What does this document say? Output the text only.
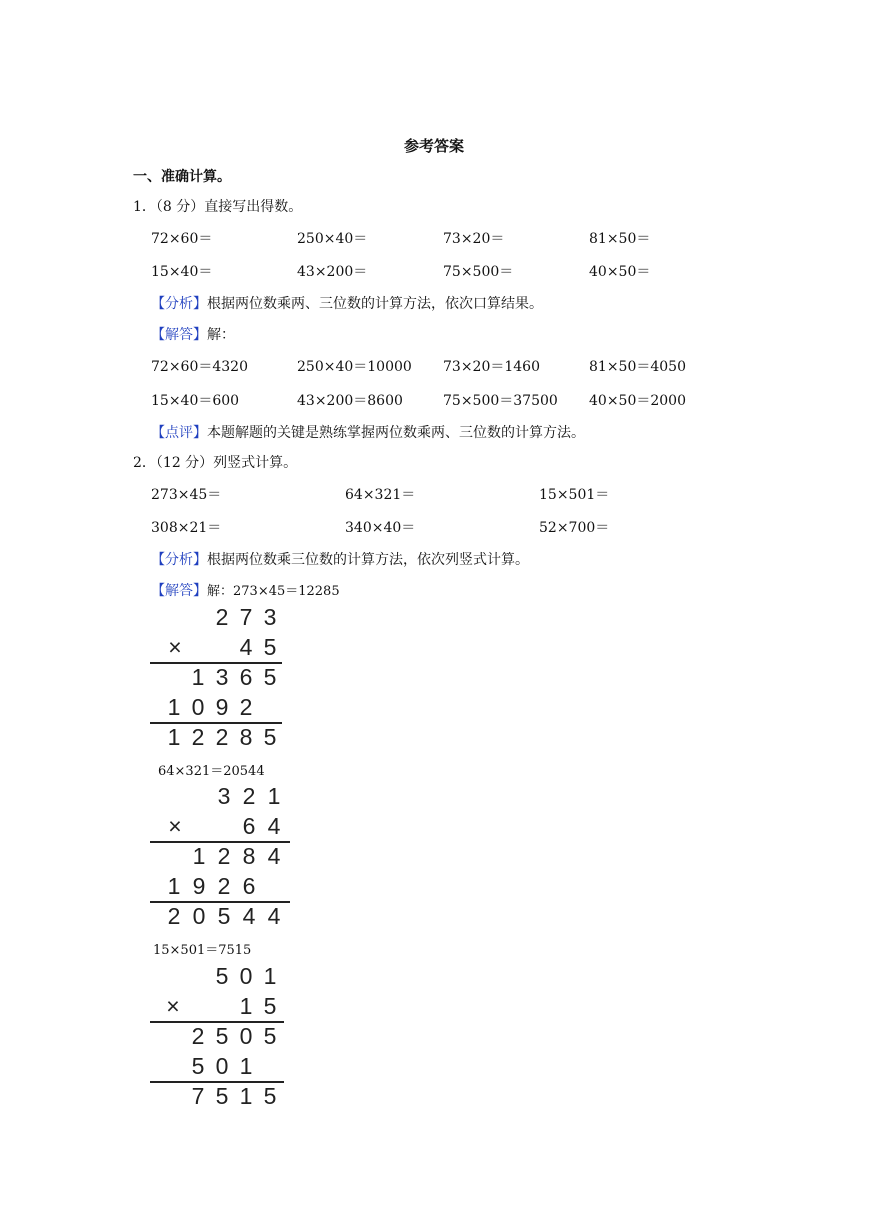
参考答案
一、准确计算。
1．（8 分）直接写出得数。
72×60＝	250×40＝	73×20＝	81×50＝
15×40＝	43×200＝	75×500＝	40×50＝
【分析】根据两位数乘两、三位数的计算方法，依次口算结果。
【解答】解：
72×60＝4320	250×40＝10000 73×20＝1460	81×50＝4050
15×40＝600	43×200＝8600	75×500＝37500 40×50＝2000
【点评】本题解题的关键是熟练掌握两位数乘两、三位数的计算方法。
2．（12 分）列竖式计算。
273×45＝	64×321＝	15×501＝
308×21＝	340×40＝	52×700＝
【分析】根据两位数乘三位数的计算方法，依次列竖式计算。
【解答】解：273×45＝12285
2 7 3
×	4 5
1 3 6 5
1 0 9 2
1 2 2 8 5
64×321＝20544
3 2 1
×	6 4
1 2 8 4
1 9 2 6
2 0 5 4 4
15×501＝7515
5 0 1
×	1 5
2 5 0 5
5 0 1
7 5 1 5
